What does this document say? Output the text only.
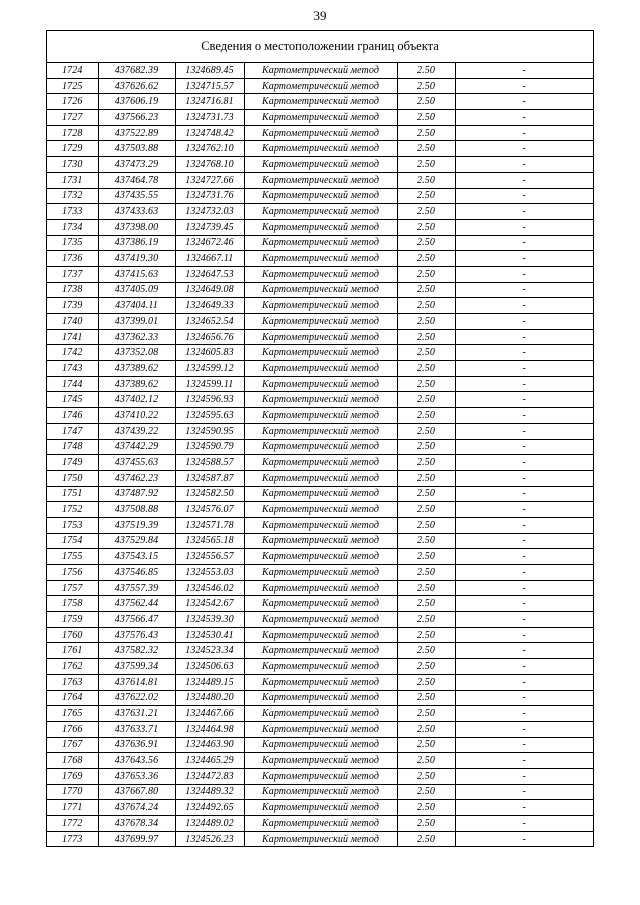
39
Сведения о местоположении границ объекта
1724	437682.39	1324689.45	Картометрический метод	2.50	-
1725	437626.62	1324715.57	Картометрический метод	2.50	-
1726	437606.19	1324716.81	Картометрический метод	2.50	-
1727	437566.23	1324731.73	Картометрический метод	2.50	-
1728	437522.89	1324748.42	Картометрический метод	2.50	-
1729	437503.88	1324762.10	Картометрический метод	2.50	-
1730	437473.29	1324768.10	Картометрический метод	2.50	-
1731	437464.78	1324727.66	Картометрический метод	2.50	-
1732	437435.55	1324731.76	Картометрический метод	2.50	-
1733	437433.63	1324732.03	Картометрический метод	2.50	-
1734	437398.00	1324739.45	Картометрический метод	2.50	-
1735	437386.19	1324672.46	Картометрический метод	2.50	-
1736	437419.30	1324667.11	Картометрический метод	2.50	-
1737	437415.63	1324647.53	Картометрический метод	2.50	-
1738	437405.09	1324649.08	Картометрический метод	2.50	-
1739	437404.11	1324649.33	Картометрический метод	2.50	-
1740	437399.01	1324652.54	Картометрический метод	2.50	-
1741	437362.33	1324656.76	Картометрический метод	2.50	-
1742	437352.08	1324605.83	Картометрический метод	2.50	-
1743	437389.62	1324599.12	Картометрический метод	2.50	-
1744	437389.62	1324599.11	Картометрический метод	2.50	-
1745	437402.12	1324596.93	Картометрический метод	2.50	-
1746	437410.22	1324595.63	Картометрический метод	2.50	-
1747	437439.22	1324590.95	Картометрический метод	2.50	-
1748	437442.29	1324590.79	Картометрический метод	2.50	-
1749	437455.63	1324588.57	Картометрический метод	2.50	-
1750	437462.23	1324587.87	Картометрический метод	2.50	-
1751	437487.92	1324582.50	Картометрический метод	2.50	-
1752	437508.88	1324576.07	Картометрический метод	2.50	-
1753	437519.39	1324571.78	Картометрический метод	2.50	-
1754	437529.84	1324565.18	Картометрический метод	2.50	-
1755	437543.15	1324556.57	Картометрический метод	2.50	-
1756	437546.85	1324553.03	Картометрический метод	2.50	-
1757	437557.39	1324546.02	Картометрический метод	2.50	-
1758	437562.44	1324542.67	Картометрический метод	2.50	-
1759	437566.47	1324539.30	Картометрический метод	2.50	-
1760	437576.43	1324530.41	Картометрический метод	2.50	-
1761	437582.32	1324523.34	Картометрический метод	2.50	-
1762	437599.34	1324506.63	Картометрический метод	2.50	-
1763	437614.81	1324489.15	Картометрический метод	2.50	-
1764	437622.02	1324480.20	Картометрический метод	2.50	-
1765	437631.21	1324467.66	Картометрический метод	2.50	-
1766	437633.71	1324464.98	Картометрический метод	2.50	-
1767	437636.91	1324463.90	Картометрический метод	2.50	-
1768	437643.56	1324465.29	Картометрический метод	2.50	-
1769	437653.36	1324472.83	Картометрический метод	2.50	-
1770	437667.80	1324489.32	Картометрический метод	2.50	-
1771	437674.24	1324492.65	Картометрический метод	2.50	-
1772	437678.34	1324489.02	Картометрический метод	2.50	-
1773	437699.97	1324526.23	Картометрический метод	2.50	-
